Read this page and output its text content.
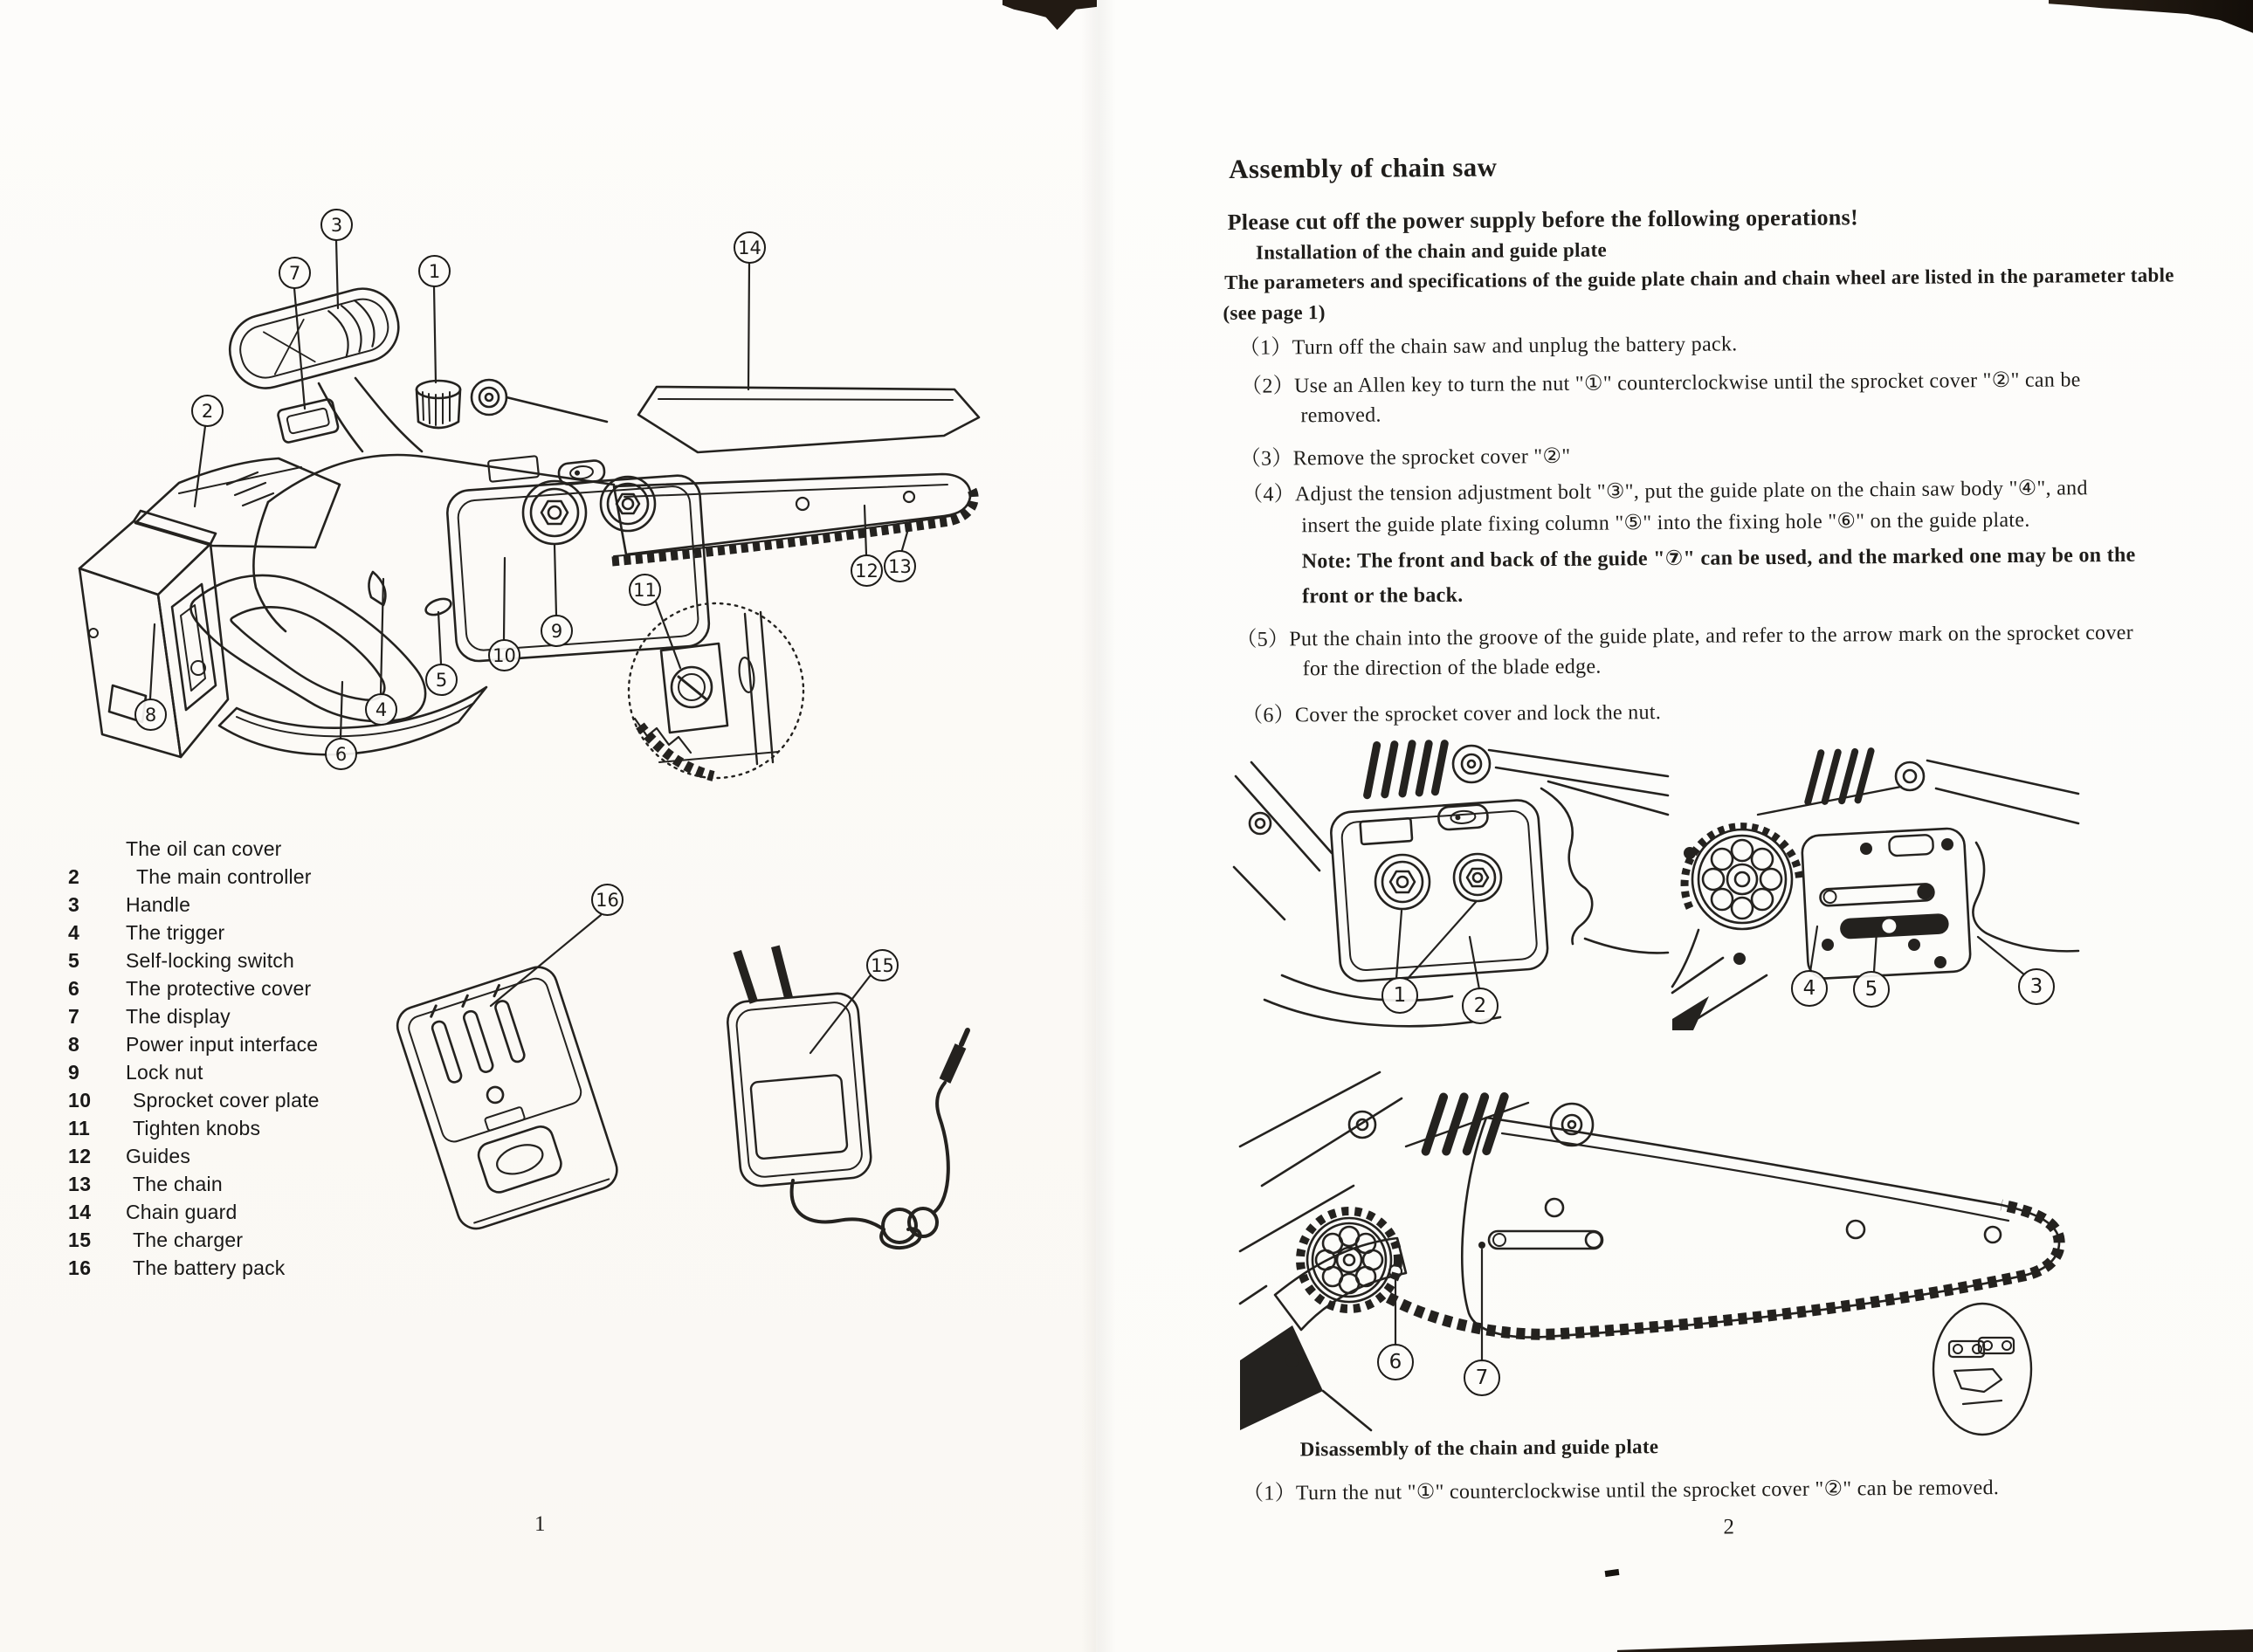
1
2
3
4
5
6
7
8
9
10
11
12 13
14
15
16
The oil can cover
2	The main controller
3	Handle
4	The trigger
5	Self-locking switch
6	The protective cover
7	The display
8	Power input interface
9	Lock nut
10	Sprocket cover plate
11	Tighten knobs
12	Guides
13	The chain
14	Chain guard
15	The charger
16	The battery pack
1
Assembly of chain saw
Please cut off the power supply before the following operations!
Installation of the chain and guide plate
The parameters and specifications of the guide plate chain and chain wheel are listed in the parameter table
(see page 1)
（1）Turn off the chain saw and unplug the battery pack.
（2）Use an Allen key to turn the nut "①" counterclockwise until the sprocket cover "②" can be
removed.
（3）Remove the sprocket cover "②"
（4）Adjust the tension adjustment bolt "③", put the guide plate on the chain saw body "④", and
insert the guide plate fixing column "⑤" into the fixing hole "⑥" on the guide plate.
Note: The front and back of the guide "⑦" can be used, and the marked one may be on the
front or the back.
（5）Put the chain into the groove of the guide plate, and refer to the arrow mark on the sprocket cover
for the direction of the blade edge.
（6）Cover the sprocket cover and lock the nut.
Disassembly of the chain and guide plate
（1）Turn the nut "①" counterclockwise until the sprocket cover "②" can be removed.
2
1	2
4 5	3
6
7
